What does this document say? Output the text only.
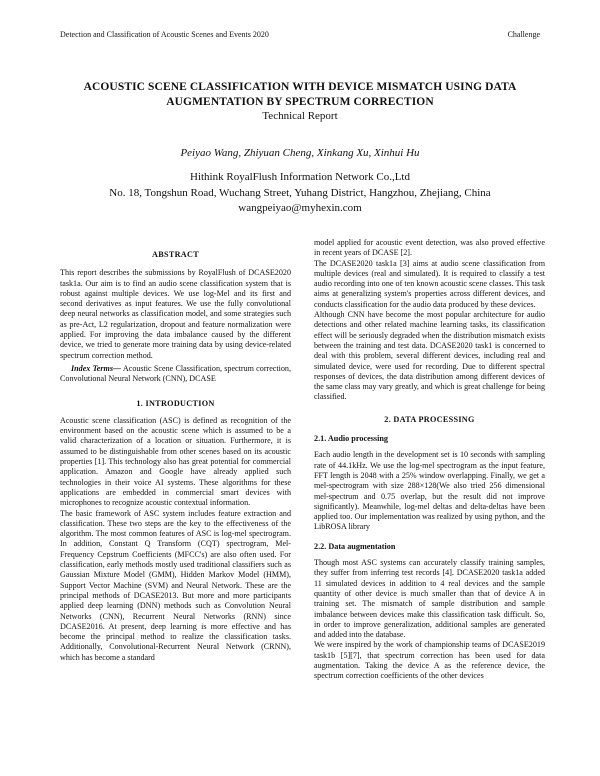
Detection and Classification of Acoustic Scenes and Events 2020	Challenge
ACOUSTIC SCENE CLASSIFICATION WITH DEVICE MISMATCH USING DATA
AUGMENTATION BY SPECTRUM CORRECTION
Technical Report
Peiyao Wang, Zhiyuan Cheng, Xinkang Xu, Xinhui Hu
Hithink RoyalFlush Information Network Co.,Ltd
No. 18, Tongshun Road, Wuchang Street, Yuhang District, Hangzhou, Zhejiang, China
wangpeiyao@myhexin.com
ABSTRACT

This report describes the submissions by RoyalFlush of DCASE2020 task1a. Our aim is to find an audio scene classification system that is robust against multiple devices. We use log-Mel and its first and second derivatives as input features. We use the fully convolutional deep neural networks as classification model, and some strategies such as pre-Act, L2 regularization, dropout and feature normalization were applied. For improving the data imbalance caused by the different device, we tried to generate more training data by using device-related spectrum correction method.

Index Terms— Acoustic Scene Classification, spectrum correction, Convolutional Neural Network (CNN), DCASE

1. INTRODUCTION

Acoustic scene classification (ASC) is defined as recognition of the environment based on the acoustic scene which is assumed to be a valid characterization of a location or situation. Furthermore, it is assumed to be distinguishable from other scenes based on its acoustic properties [1]. This technology also has great potential for commercial application. Amazon and Google have already applied such technologies in their voice AI systems. These algorithms for these applications are embedded in commercial smart devices with microphones to recognize acoustic contextual information.

The basic framework of ASC system includes feature extraction and classification. These two steps are the key to the effectiveness of the algorithm. The most common features of ASC is log-mel spectrogram. In addition, Constant Q Transform (CQT) spectrogram, Mel-Frequency Cepstrum Coefficients (MFCC's) are also often used. For classification, early methods mostly used traditional classifiers such as Gaussian Mixture Model (GMM), Hidden Markov Model (HMM), Support Vector Machine (SVM) and Neural Network. These are the principal methods of DCASE2013. But more and more participants applied deep learning (DNN) methods such as Convolution Neural Networks (CNN), Recurrent Neural Networks (RNN) since DCASE2016. At present, deep learning is more effective and has become the principal method to realize the classification tasks. Additionally, Convolutional-Recurrent Neural Network (CRNN), which has become a standard

model applied for acoustic event detection, was also proved effective in recent years of DCASE [2].

The DCASE2020 task1a [3] aims at audio scene classification from multiple devices (real and simulated). It is required to classify a test audio recording into one of ten known acoustic scene classes. This task aims at generalizing system's properties across different devices, and conducts classification for the audio data produced by these devices.

Although CNN have become the most popular architecture for audio detections and other related machine learning tasks, its classification effect will be seriously degraded when the distribution mismatch exists between the training and test data. DCASE2020 task1 is concerned to deal with this problem, several different devices, including real and simulated device, were used for recording. Due to different spectral responses of devices, the data distribution among different devices of the same class may vary greatly, and which is great challenge for being classified.

2. DATA PROCESSING
2.1. Audio processing

Each audio length in the development set is 10 seconds with sampling rate of 44.1kHz. We use the log-mel spectrogram as the input feature, FFT length is 2048 with a 25% window overlapping. Finally, we get a mel-spectrogram with size 288×128(We also tried 256 dimensional mel-spectrum and 0.75 overlap, but the result did not improve significantly). Meanwhile, log-mel deltas and delta-deltas have been applied too. Our implementation was realized by using python, and the LibROSA library

2.2. Data augmentation

Though most ASC systems can accurately classify training samples, they suffer from inferring test records [4]. DCASE2020 task1a added 11 simulated devices in addition to 4 real devices and the sample quantity of other device is much smaller than that of device A in training set. The mismatch of sample distribution and sample imbalance between devices make this classification task difficult. So, in order to improve generalization, additional samples are generated and added into the database.

We were inspired by the work of championship teams of DCASE2019 task1b [5][7], that spectrum correction has been used for data augmentation. Taking the device A as the reference device, the spectrum correction coefficients of the other devices
